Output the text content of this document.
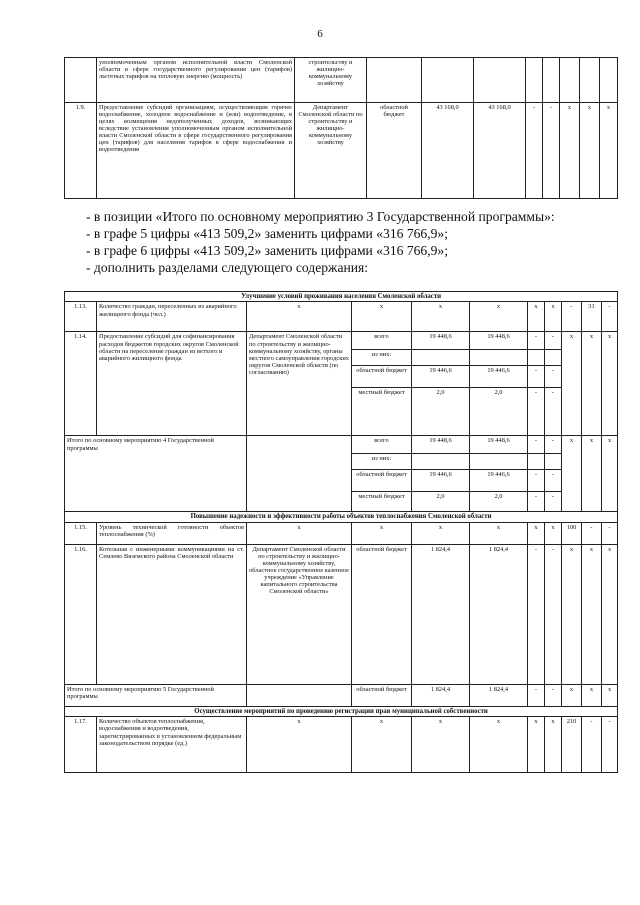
6
	уполномоченным органом исполнительной власти Смоленской области в сфере государственного регулирования цен (тарифов) льготных тарифов на тепловую энергию (мощность)	строительству и жилищно-коммунальному хозяйству								
1.9.	Предоставление субсидий организациям, осуществляющим горячее водоснабжение, холодное водоснабжение и (или) водоотведение, в целях возмещения недополученных доходов, возникающих вследствие установления уполномоченным органом исполнительной власти Смоленской области в сфере государственного регулирования цен (тарифов) для населения тарифов в сфере водоснабжения и водоотведения	Департамент Смоленской области по строительству и жилищно-коммунальному хозяйству	областной бюджет	43 168,0	43 168,0	-	-	х	х	х
- в позиции «Итого по основному мероприятию 3 Государственной программы»:
- в графе 5 цифры «413 509,2» заменить цифрами «316 766,9»;
- в графе 6 цифры «413 509,2» заменить цифрами «316 766,9»;
- дополнить разделами следующего содержания:
Улучшение условий проживания населения Смоленской области										
1.13.	Количество граждан, переселенных из аварийного жилищного фонда (чел.)	х	х	х	х	х	х	-	31	-
1.14.	Предоставление субсидий для софинансирования расходов бюджетов городских округов Смоленской области на переселение граждан из ветхого и аварийного жилищного фонда	Департамент Смоленской области по строительству и жилищно-коммунальному хозяйству, органы местного самоуправления городских округов Смоленской области (по согласованию)	всего	19 448,6	19 448,6	-	-	х	х	х
			из них:							
			областной бюджет	19 446,6	19 446,6	-	-			
			местный бюджет	2,0	2,0	-	-			
Итого по основному мероприятию 4 Государственной программы			всего	19 448,6	19 448,6	-	-	х	х	х
			из них:							
			областной бюджет	19 446,6	19 446,6	-	-			
			местный бюджет	2,0	2,0	-	-			
Повышение надежности и эффективности работы объектов теплоснабжения Смоленской области										
1.15.	Уровень технической готовности объектов теплоснабжения (%)	х	х	х	х	х	х	100	-	-
1.16.	Котельная с инженерными коммуникациями на ст. Семлево Вяземского района Смоленской области	Департамент Смоленской области по строительству и жилищно-коммунальному хозяйству, областное государственное казенное учреждение «Управление капитального строительства Смоленской области»	областной бюджет	1 824,4	1 824,4	-	-	х	х	х
Итого по основному мероприятию 5 Государственной программы			областной бюджет	1 824,4	1 824,4	-	-	х	х	х
Осуществление мероприятий по проведению регистрации прав муниципальной собственности										
1.17.	Количество объектов теплоснабжения, водоснабжения и водоотведения, зарегистрированных в установленном федеральным законодательством порядке (ед.)	х	х	х	х	х	х	210	-	-
